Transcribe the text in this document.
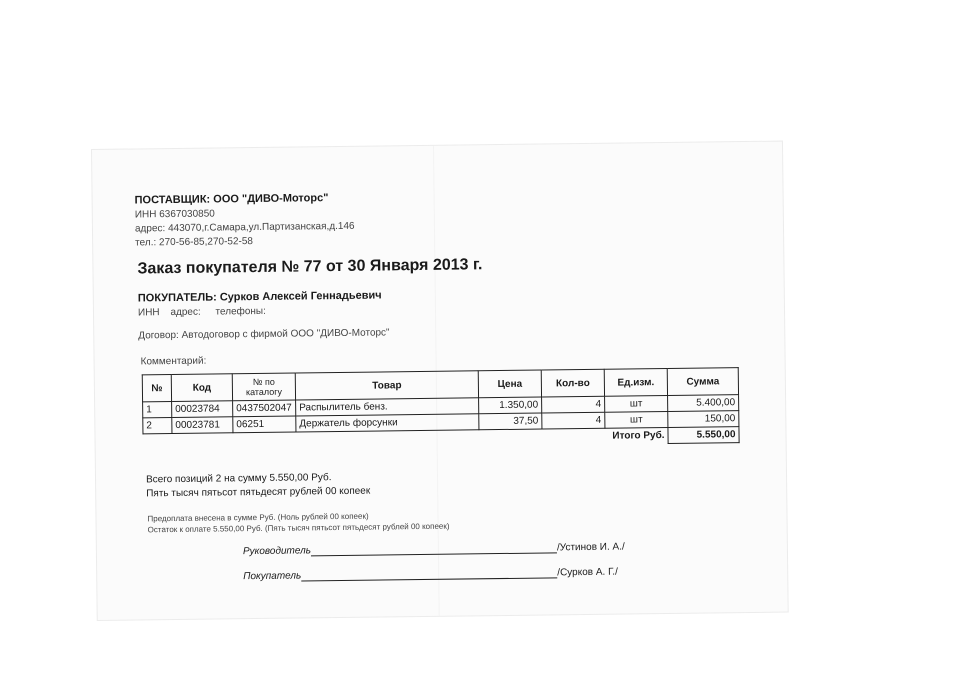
ПОСТАВЩИК: ООО "ДИВО-Моторс"
ИНН 6367030850
адрес: 443070,г.Самара,ул.Партизанская,д.146
тел.: 270-56-85,270-52-58
Заказ покупателя № 77 от 30 Января 2013 г.
ПОКУПАТЕЛЬ: Сурков Алексей Геннадьевич
ИНН адрес: телефоны:
Договор: Автодоговор с фирмой ООО "ДИВО-Моторс"
Комментарий:
№	Код	№ по каталогу	Товар	Цена	Кол-во	Ед.изм.	Сумма
1	00023784	0437502047	Распылитель бенз.	1.350,00	4	шт	5.400,00
2	00023781	06251	Держатель форсунки	37,50	4	шт	150,00
				Итого Руб.			5.550,00
Всего позиций 2 на сумму 5.550,00 Руб.
Пять тысяч пятьсот пятьдесят рублей 00 копеек
Предоплата внесена в сумме Руб. (Ноль рублей 00 копеек)
Остаток к оплате 5.550,00 Руб. (Пять тысяч пятьсот пятьдесят рублей 00 копеек)
Руководитель	/Устинов И. А./
Покупатель	/Сурков А. Г./
